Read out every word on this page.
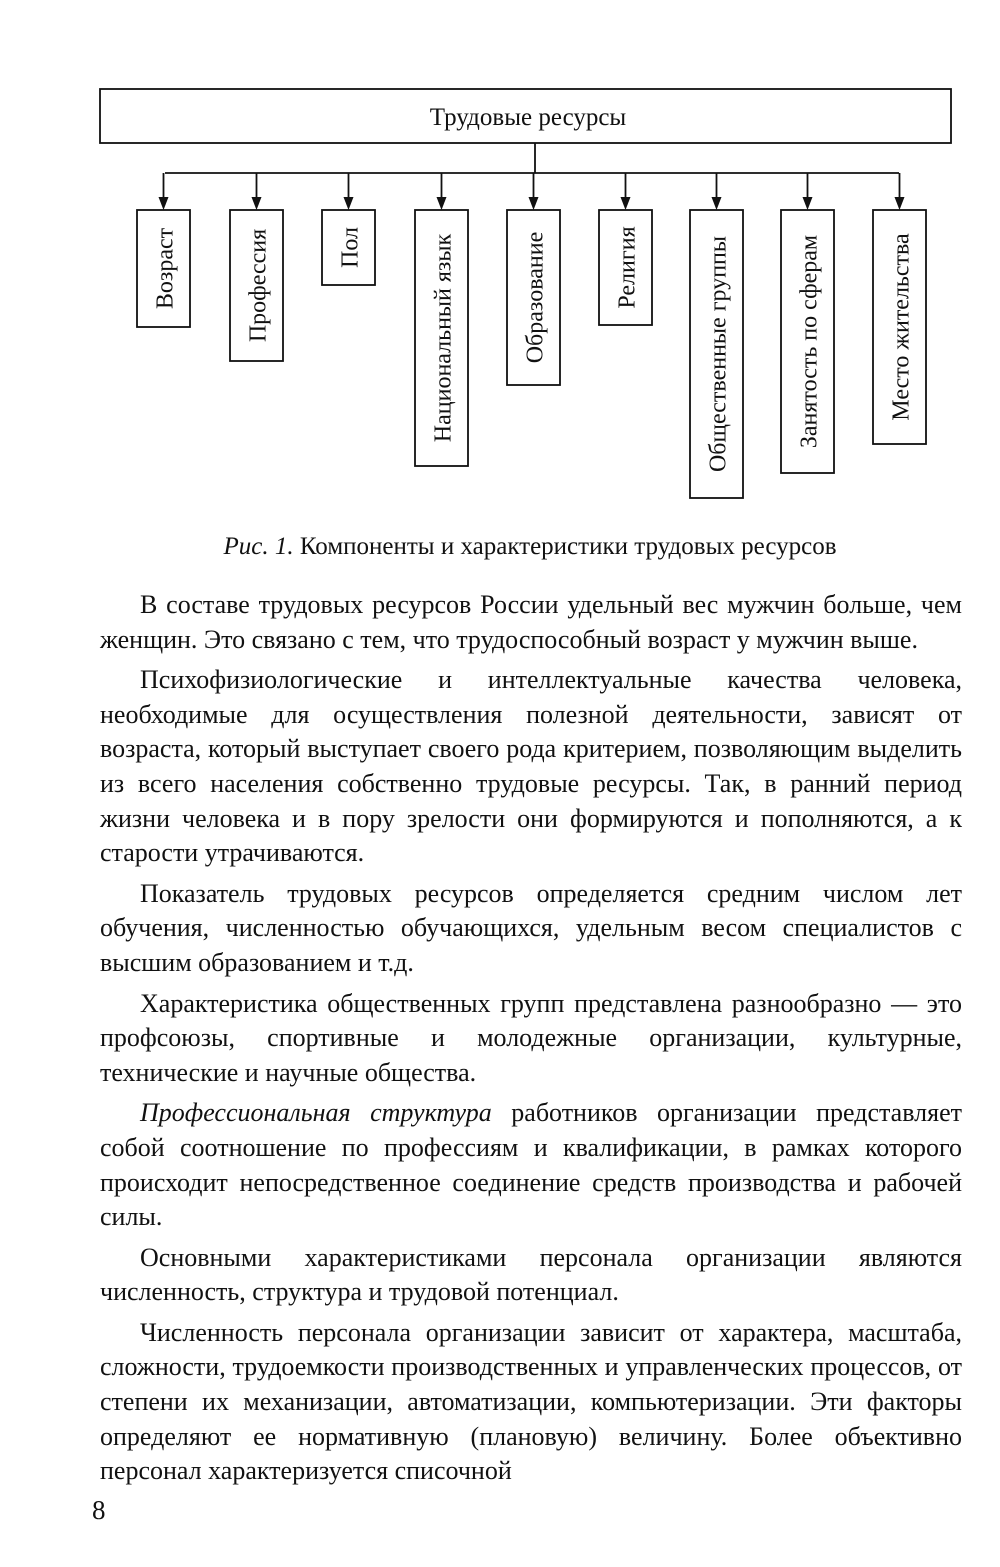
Трудовые ресурсы
Возраст	Профессия	Пол	Национальный язык	Образование	Религия	Общественные группы	Занятость по сферам	Место жительства
Рис. 1. Компоненты и характеристики трудовых ресурсов

В составе трудовых ресурсов России удельный вес мужчин больше, чем женщин. Это связано с тем, что трудоспособный возраст у мужчин выше.

Психофизиологические и интеллектуальные качества человека, необходимые для осуществления полезной деятельности, зависят от возраста, который выступает своего рода критерием, позволяющим выделить из всего населения собственно трудовые ресурсы. Так, в ранний период жизни человека и в пору зрелости они формируются и пополняются, а к старости утрачиваются.

Показатель трудовых ресурсов определяется средним числом лет обучения, численностью обучающихся, удельным весом специалистов с высшим образованием и т.д.

Характеристика общественных групп представлена разнообразно — это профсоюзы, спортивные и молодежные организации, культурные, технические и научные общества.

Профессиональная структура работников организации представляет собой соотношение по профессиям и квалификации, в рамках которого происходит непосредственное соединение средств производства и рабочей силы.

Основными характеристиками персонала организации являются численность, структура и трудовой потенциал.

Численность персонала организации зависит от характера, масштаба, сложности, трудоемкости производственных и управленческих процессов, от степени их механизации, автоматизации, компьютеризации. Эти факторы определяют ее нормативную (плановую) величину. Более объективно персонал характеризуется списочной

8
